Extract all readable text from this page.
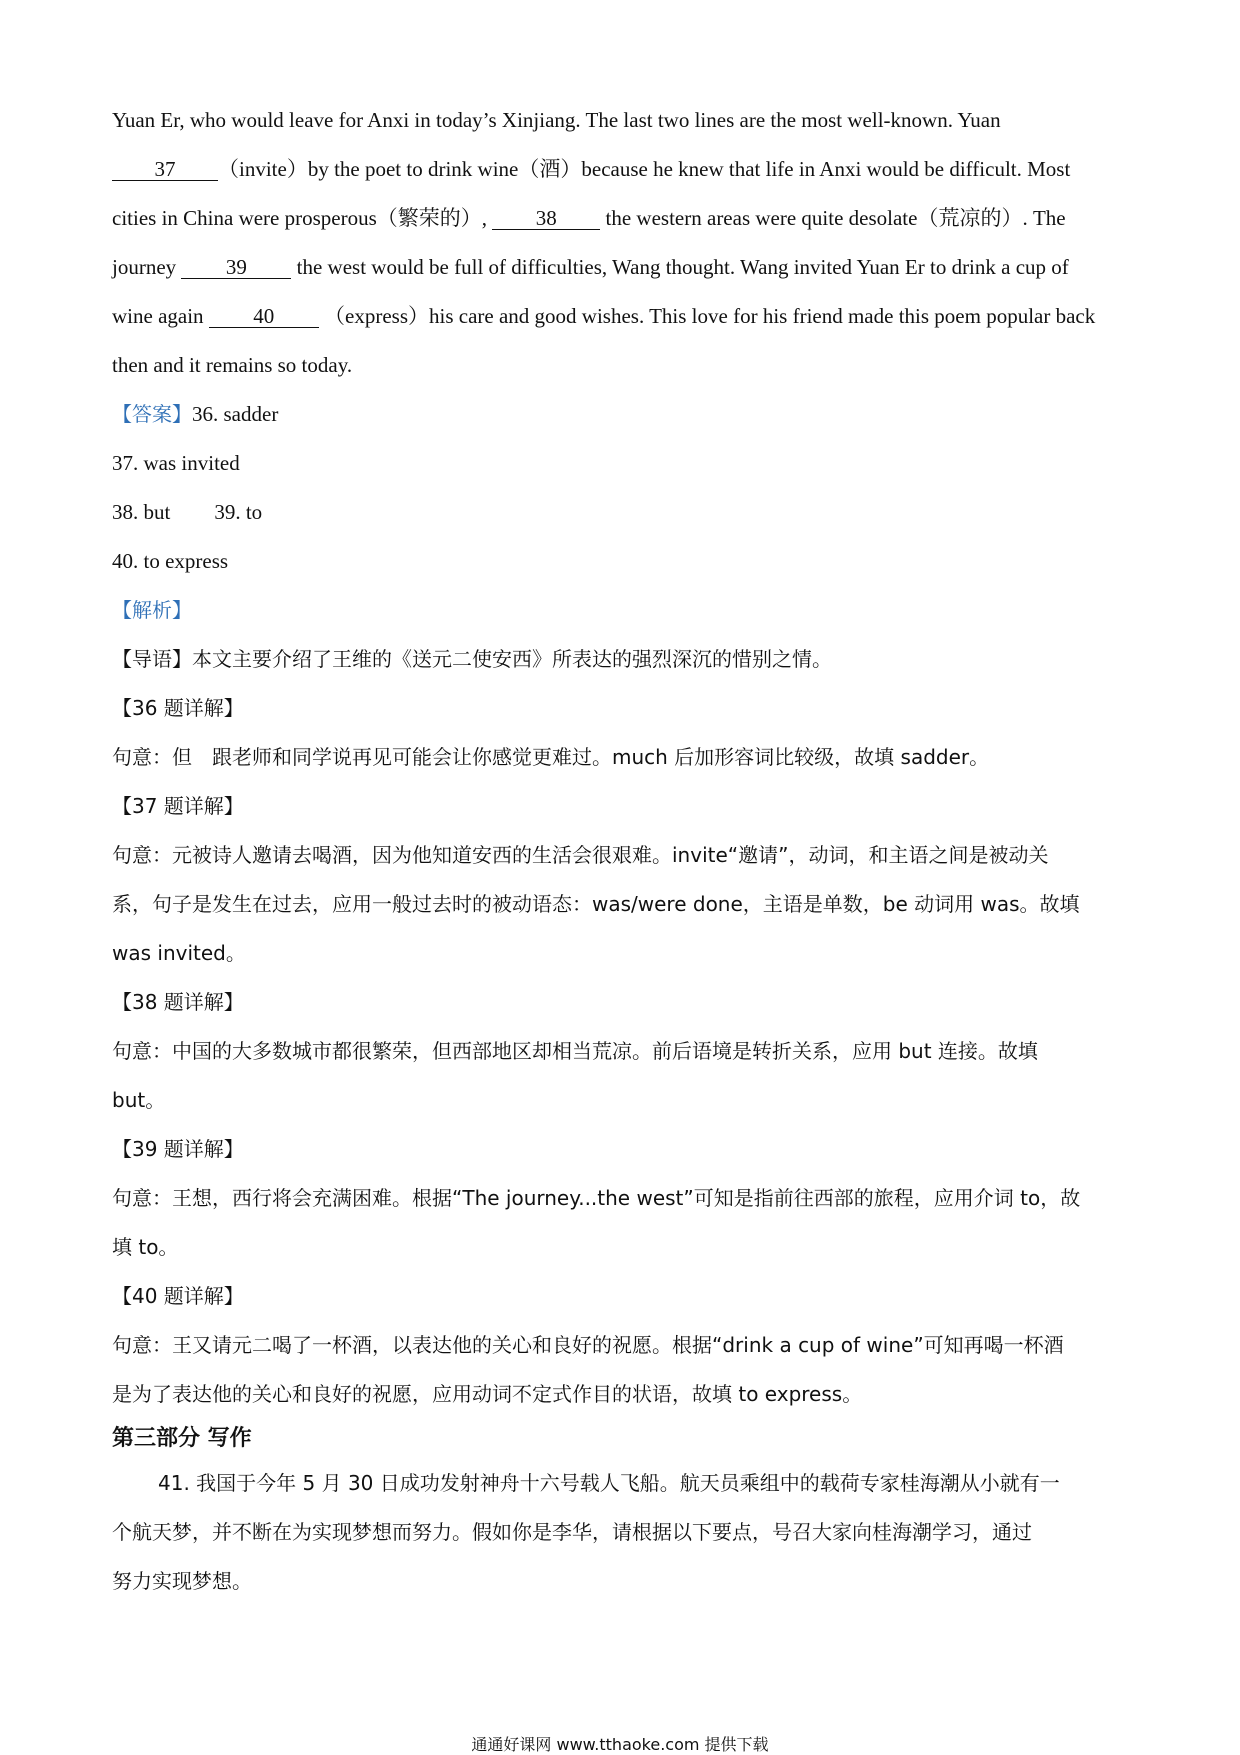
Yuan Er, who would leave for Anxi in today’s Xinjiang. The last two lines are the most well-known. Yuan

37 （invite）by the poet to drink wine（酒）because he knew that life in Anxi would be difficult. Most

cities in China were prosperous（繁荣的）, 38 the western areas were quite desolate（荒凉的）. The

journey 39 the west would be full of difficulties, Wang thought. Wang invited Yuan Er to drink a cup of

wine again 40 （express）his care and good wishes. This love for his friend made this poem popular back

then and it remains so today.

【答案】36. sadder

37. was invited

38. but 39. to

40. to express

【解析】

【导语】本文主要介绍了王维的《送元二使安西》所表达的强烈深沉的惜别之情。

【36 题详解】

句意：但　跟老师和同学说再见可能会让你感觉更难过。much 后加形容词比较级，故填 sadder。

【37 题详解】

句意：元被诗人邀请去喝酒，因为他知道安西的生活会很艰难。invite“邀请”，动词，和主语之间是被动关

系，句子是发生在过去，应用一般过去时的被动语态：was/were done，主语是单数，be 动词用 was。故填

was invited。

【38 题详解】

句意：中国的大多数城市都很繁荣，但西部地区却相当荒凉。前后语境是转折关系，应用 but 连接。故填

but。

【39 题详解】

句意：王想，西行将会充满困难。根据“The journey...the west”可知是指前往西部的旅程，应用介词 to，故

填 to。

【40 题详解】

句意：王又请元二喝了一杯酒，以表达他的关心和良好的祝愿。根据“drink a cup of wine”可知再喝一杯酒

是为了表达他的关心和良好的祝愿，应用动词不定式作目的状语，故填 to express。

第三部分 写作

41. 我国于今年 5 月 30 日成功发射神舟十六号载人飞船。航天员乘组中的载荷专家桂海潮从小就有一

个航天梦，并不断在为实现梦想而努力。假如你是李华，请根据以下要点，号召大家向桂海潮学习，通过

努力实现梦想。

通通好课网 www.tthaoke.com 提供下载
